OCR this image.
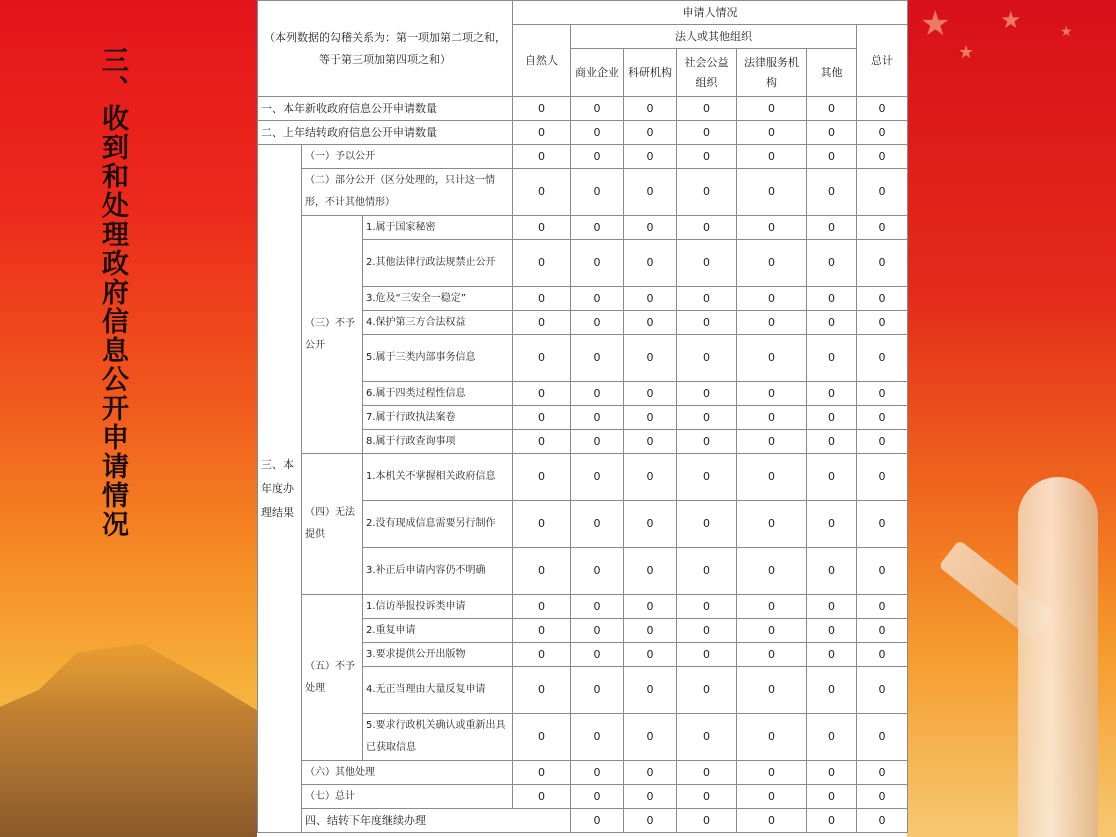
★
★
★	★
三、收到和处理政府信息公开申请情况
（本列数据的勾稽关系为：第一项加第二项之和，等于第三项加第四项之和）			申请人情况							
			自然人	法人或其他组织					总计	
				商业企业	科研机构	社会公益组织	法律服务机构	其他		
一、本年新收政府信息公开申请数量			0	0	0	0	0	0	0	
二、上年结转政府信息公开申请数量			0	0	0	0	0	0	0	
三、本年度办理结果	（一）予以公开		0	0	0	0	0	0	0	
	（二）部分公开（区分处理的，只计这一情形，不计其他情形）		0	0	0	0	0	0	0	
	（三）不予公开	1.属于国家秘密	0	0	0	0	0	0	0	
		2.其他法律行政法规禁止公开	0	0	0	0	0	0	0	
		3.危及“三安全一稳定”	0	0	0	0	0	0	0	
		4.保护第三方合法权益	0	0	0	0	0	0	0	
		5.属于三类内部事务信息	0	0	0	0	0	0	0	
		6.属于四类过程性信息	0	0	0	0	0	0	0	
		7.属于行政执法案卷	0	0	0	0	0	0	0	
		8.属于行政查询事项	0	0	0	0	0	0	0	
	（四）无法提供	1.本机关不掌握相关政府信息	0	0	0	0	0	0	0	
		2.没有现成信息需要另行制作	0	0	0	0	0	0	0	
		3.补正后申请内容仍不明确	0	0	0	0	0	0	0	
	（五）不予处理	1.信访举报投诉类申请	0	0	0	0	0	0	0	
		2.重复申请	0	0	0	0	0	0	0	
		3.要求提供公开出版物	0	0	0	0	0	0	0	
		4.无正当理由大量反复申请	0	0	0	0	0	0	0	
		5.要求行政机关确认或重新出具已获取信息	0	0	0	0	0	0	0	
	（六）其他处理		0	0	0	0	0	0	0	
	（七）总计		0	0	0	0	0	0	0	
	四、结转下年度继续办理			0	0	0	0	0	0	
